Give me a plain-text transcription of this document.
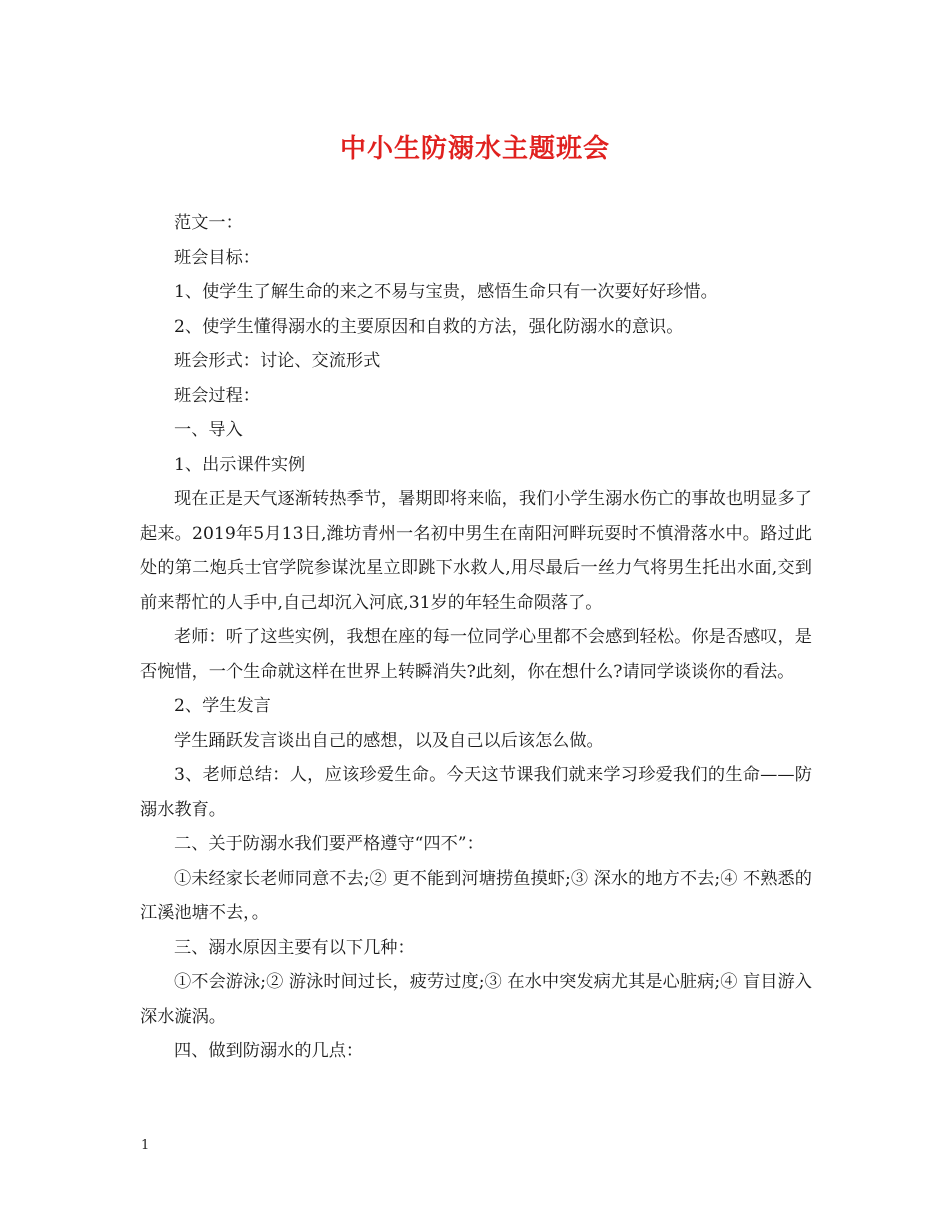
中小生防溺水主题班会

范文一：

班会目标：

1、使学生了解生命的来之不易与宝贵，感悟生命只有一次要好好珍惜。

2、使学生懂得溺水的主要原因和自救的方法，强化防溺水的意识。

班会形式：讨论、交流形式

班会过程：

一、导入

1、出示课件实例

现在正是天气逐渐转热季节，暑期即将来临，我们小学生溺水伤亡的事故也明显多了起来。2019年5月13日,潍坊青州一名初中男生在南阳河畔玩耍时不慎滑落水中。路过此处的第二炮兵士官学院参谋沈星立即跳下水救人,用尽最后一丝力气将男生托出水面,交到前来帮忙的人手中,自己却沉入河底,31岁的年轻生命陨落了。

老师：听了这些实例，我想在座的每一位同学心里都不会感到轻松。你是否感叹，是否惋惜，一个生命就这样在世界上转瞬消失?此刻，你在想什么?请同学谈谈你的看法。

2、学生发言

学生踊跃发言谈出自己的感想，以及自己以后该怎么做。

3、老师总结：人，应该珍爱生命。今天这节课我们就来学习珍爱我们的生命——防溺水教育。

二、关于防溺水我们要严格遵守“四不”：

①未经家长老师同意不去;② 更不能到河塘捞鱼摸虾;③ 深水的地方不去;④ 不熟悉的江溪池塘不去，。

三、溺水原因主要有以下几种：

①不会游泳;② 游泳时间过长，疲劳过度;③ 在水中突发病尤其是心脏病;④ 盲目游入深水漩涡。

四、做到防溺水的几点：

1
